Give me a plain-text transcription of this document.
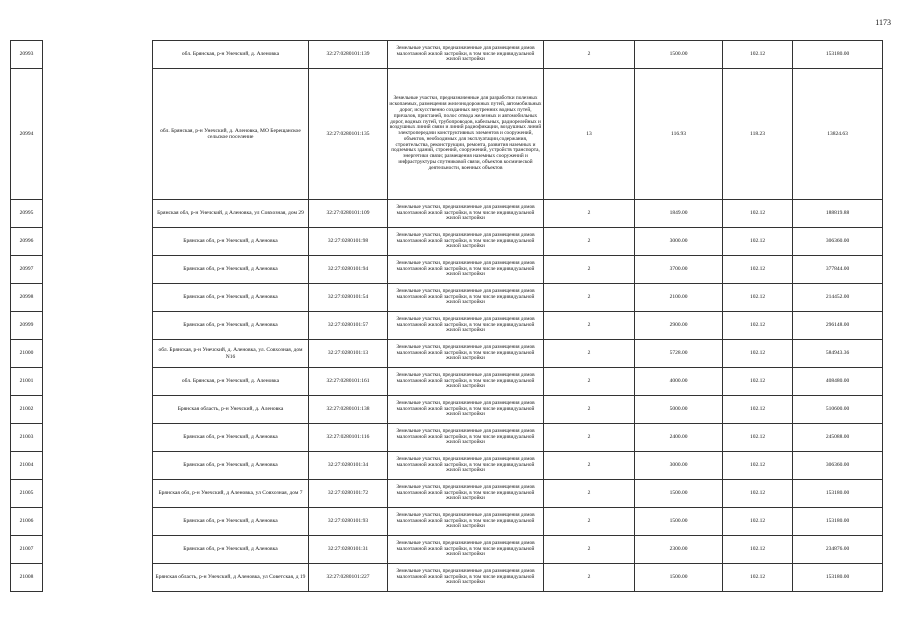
1173
20993		обл. Брянская, р-н Унечский, д. Аленовка	32:27:0280101:139	Земельные участки, предназначенные для размещения домов малоэтажной жилой застройки, в том числе индивидуальной жилой застройки	2	1500.00	102.12	153180.00
20994		обл. Брянская, р-н Унечский, д. Аленовка, МО Берещанское сельское поселение	32:27:0280101:135	Земельные участки, предназначенные для разработки полезных ископаемых, размещения железнодорожных путей, автомобильных дорог, искусственно созданных внутренних водных путей, причалов, пристаней, полос отвода железных и автомобильных дорог, водных путей, трубопроводов, кабельных, радиорелейных и воздушных линий связи и линий радиофикации, воздушных линий электропередачи конструктивных элементов и сооружений, объектов, необходимых для эксплуатации,содержания, строительства, реконструкции, ремонта, развития наземных и подземных зданий, строений, сооружений, устройств транспорта, энергетики связи; размещения наземных сооружений и инфраструктуры спутниковой связи, объектов космической деятельности, военных объектов	13	116.93	118.23	13824.63
20995		Брянская обл, р-н Унечский, д Аленовка, ул Совхозная, дом 29	32:27:0280101:109	Земельные участки, предназначенные для размещения домов малоэтажной жилой застройки, в том числе индивидуальной жилой застройки	2	1849.00	102.12	188819.88
20996		Брянская обл, р-н Унечский, д Аленовка	32:27:0280101:98	Земельные участки, предназначенные для размещения домов малоэтажной жилой застройки, в том числе индивидуальной жилой застройки	2	3000.00	102.12	306360.00
20997		Брянская обл, р-н Унечский, д Аленовка	32:27:0280101:94	Земельные участки, предназначенные для размещения домов малоэтажной жилой застройки, в том числе индивидуальной жилой застройки	2	3700.00	102.12	377844.00
20998		Брянская обл, р-н Унечский, д Аленовка	32:27:0280101:54	Земельные участки, предназначенные для размещения домов малоэтажной жилой застройки, в том числе индивидуальной жилой застройки	2	2100.00	102.12	214452.00
20999		Брянская обл, р-н Унечский, д Аленовка	32:27:0280101:57	Земельные участки, предназначенные для размещения домов малоэтажной жилой застройки, в том числе индивидуальной жилой застройки	2	2900.00	102.12	296148.00
21000		обл. Брянская, р-н Унечский, д. Аленовка, ул. Совхозная, дом N16	32:27:0280101:13	Земельные участки, предназначенные для размещения домов малоэтажной жилой застройки, в том числе индивидуальной жилой застройки	2	5728.00	102.12	584943.36
21001		обл. Брянская, р-н Унечский, д. Аленовка	32:27:0280101:161	Земельные участки, предназначенные для размещения домов малоэтажной жилой застройки, в том числе индивидуальной жилой застройки	2	4000.00	102.12	408480.00
21002		Брянская область, р-н Унечский, д. Аленовка	32:27:0280101:138	Земельные участки, предназначенные для размещения домов малоэтажной жилой застройки, в том числе индивидуальной жилой застройки	2	5000.00	102.12	510600.00
21003		Брянская обл, р-н Унечский, д Аленовка	32:27:0280101:116	Земельные участки, предназначенные для размещения домов малоэтажной жилой застройки, в том числе индивидуальной жилой застройки	2	2400.00	102.12	245088.00
21004		Брянская обл, р-н Унечский, д Аленовка	32:27:0280101:34	Земельные участки, предназначенные для размещения домов малоэтажной жилой застройки, в том числе индивидуальной жилой застройки	2	3000.00	102.12	306360.00
21005		Брянская обл, р-н Унечский, д Аленовка, ул Совхозная, дом 7	32:27:0280101:72	Земельные участки, предназначенные для размещения домов малоэтажной жилой застройки, в том числе индивидуальной жилой застройки	2	1500.00	102.12	153180.00
21006		Брянская обл, р-н Унечский, д Аленовка	32:27:0280101:93	Земельные участки, предназначенные для размещения домов малоэтажной жилой застройки, в том числе индивидуальной жилой застройки	2	1500.00	102.12	153180.00
21007		Брянская обл, р-н Унечский, д Аленовка	32:27:0280101:31	Земельные участки, предназначенные для размещения домов малоэтажной жилой застройки, в том числе индивидуальной жилой застройки	2	2300.00	102.12	234876.00
21008		Брянская область, р-н Унечский, д Аленовка, ул Советская, д 19	32:27:0280101:227	Земельные участки, предназначенные для размещения домов малоэтажной жилой застройки, в том числе индивидуальной жилой застройки	2	1500.00	102.12	153180.00
